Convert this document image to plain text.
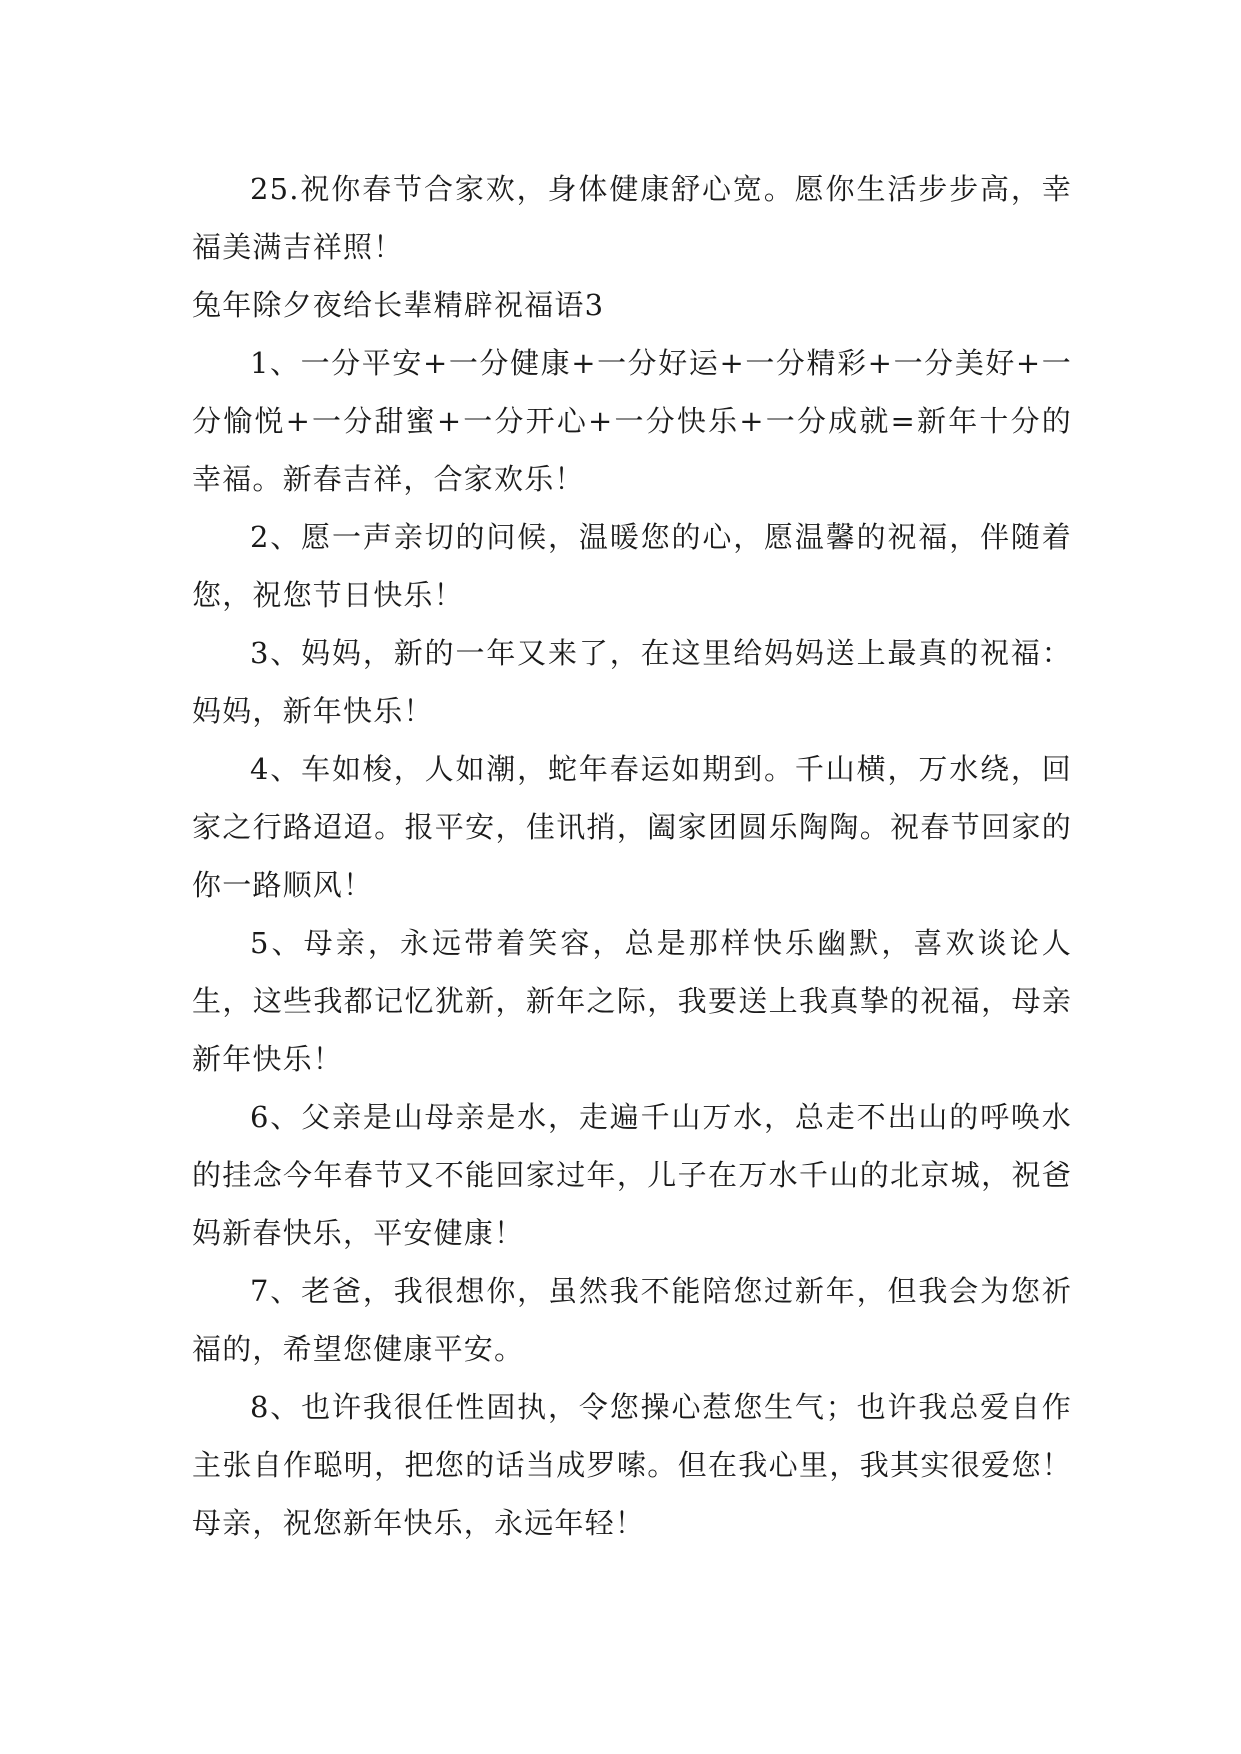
25.祝你春节合家欢，身体健康舒心宽。愿你生活步步高，幸福美满吉祥照！

兔年除夕夜给长辈精辟祝福语3

1、一分平安+一分健康+一分好运+一分精彩+一分美好+一分愉悦+一分甜蜜+一分开心+一分快乐+一分成就=新年十分的幸福。新春吉祥，合家欢乐！

2、愿一声亲切的问候，温暖您的心，愿温馨的祝福，伴随着您，祝您节日快乐！

3、妈妈，新的一年又来了，在这里给妈妈送上最真的祝福：妈妈，新年快乐！

4、车如梭，人如潮，蛇年春运如期到。千山横，万水绕，回家之行路迢迢。报平安，佳讯捎，阖家团圆乐陶陶。祝春节回家的你一路顺风！

5、母亲，永远带着笑容，总是那样快乐幽默，喜欢谈论人生，这些我都记忆犹新，新年之际，我要送上我真挚的祝福，母亲新年快乐！

6、父亲是山母亲是水，走遍千山万水，总走不出山的呼唤水的挂念今年春节又不能回家过年，儿子在万水千山的北京城，祝爸妈新春快乐，平安健康！

7、老爸，我很想你，虽然我不能陪您过新年，但我会为您祈福的，希望您健康平安。

8、也许我很任性固执，令您操心惹您生气；也许我总爱自作主张自作聪明，把您的话当成罗嗦。但在我心里，我其实很爱您！母亲，祝您新年快乐，永远年轻！
